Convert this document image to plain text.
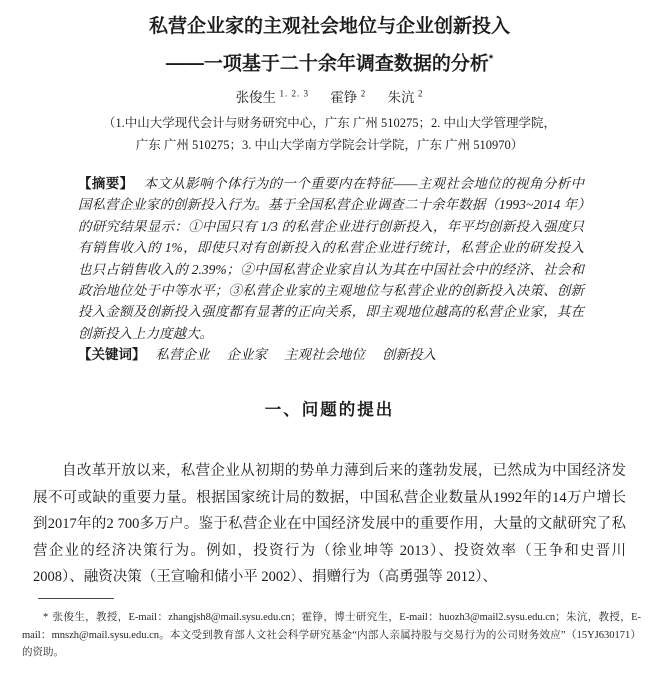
私营企业家的主观社会地位与企业创新投入
——一项基于二十余年调查数据的分析*
张俊生 $^{1. 2. 3}$ 霍铮 $^2$ 朱沆 $^2$
（1.中山大学现代会计与财务研究中心，广东 广州 510275；2. 中山大学管理学院，
广东 广州 510275；3. 中山大学南方学院会计学院，广东 广州 510970）

【摘要】 本文从影响个体行为的一个重要内在特征——主观社会地位的视角分析中国私营企业家的创新投入行为。基于全国私营企业调查二十余年数据（1993~2014 年）的研究结果显示：①中国只有 1/3 的私营企业进行创新投入，年平均创新投入强度只有销售收入的 1%，即使只对有创新投入的私营企业进行统计，私营企业的研发投入也只占销售收入的 2.39%；②中国私营企业家自认为其在中国社会中的经济、社会和政治地位处于中等水平；③私营企业家的主观地位与私营企业的创新投入决策、创新投入金额及创新投入强度都有显著的正向关系，即主观地位越高的私营企业家，其在创新投入上力度越大。

【关键词】 私营企业 企业家 主观社会地位 创新投入

一、问题的提出

自改革开放以来，私营企业从初期的势单力薄到后来的蓬勃发展，已然成为中国经济发展不可或缺的重要力量。根据国家统计局的数据，中国私营企业数量从1992年的14万户增长到2017年的2 700多万户。鉴于私营企业在中国经济发展中的重要作用，大量的文献研究了私营企业的经济决策行为。例如，投资行为（徐业坤等 2013）、投资效率（王争和史晋川 2008）、融资决策（王宣喻和储小平 2002）、捐赠行为（高勇强等 2012）、

* 张俊生，教授，E-mail：zhangjsh8@mail.sysu.edu.cn；霍铮，博士研究生，E-mail：huozh3@mail2.sysu.edu.cn；朱沆，教授，E-mail：mnszh@mail.sysu.edu.cn。本文受到教育部人文社会科学研究基金“内部人亲属持股与交易行为的公司财务效应”（15YJ630171）的资助。
